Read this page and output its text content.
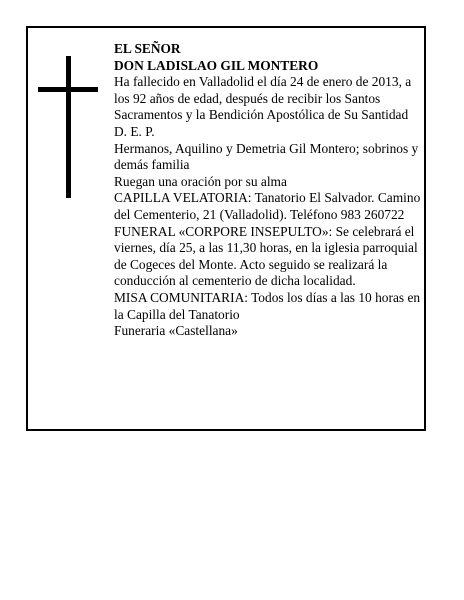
EL SEÑOR

DON LADISLAO GIL MONTERO

Ha fallecido en Valladolid el día 24 de enero de 2013, a los 92 años de edad, después de recibir los Santos Sacramentos y la Bendición Apostólica de Su Santidad D. E. P.

Hermanos, Aquilino y Demetria Gil Montero; sobrinos y demás familia

Ruegan una oración por su alma

CAPILLA VELATORIA: Tanatorio El Salvador. Camino del Cementerio, 21 (Valladolid). Teléfono 983 260722

FUNERAL «CORPORE INSEPULTO»: Se celebrará el viernes, día 25, a las 11,30 horas, en la iglesia parroquial de Cogeces del Monte. Acto seguido se realizará la conducción al cementerio de dicha localidad.

MISA COMUNITARIA: Todos los días a las 10 horas en la Capilla del Tanatorio

Funeraria «Castellana»
